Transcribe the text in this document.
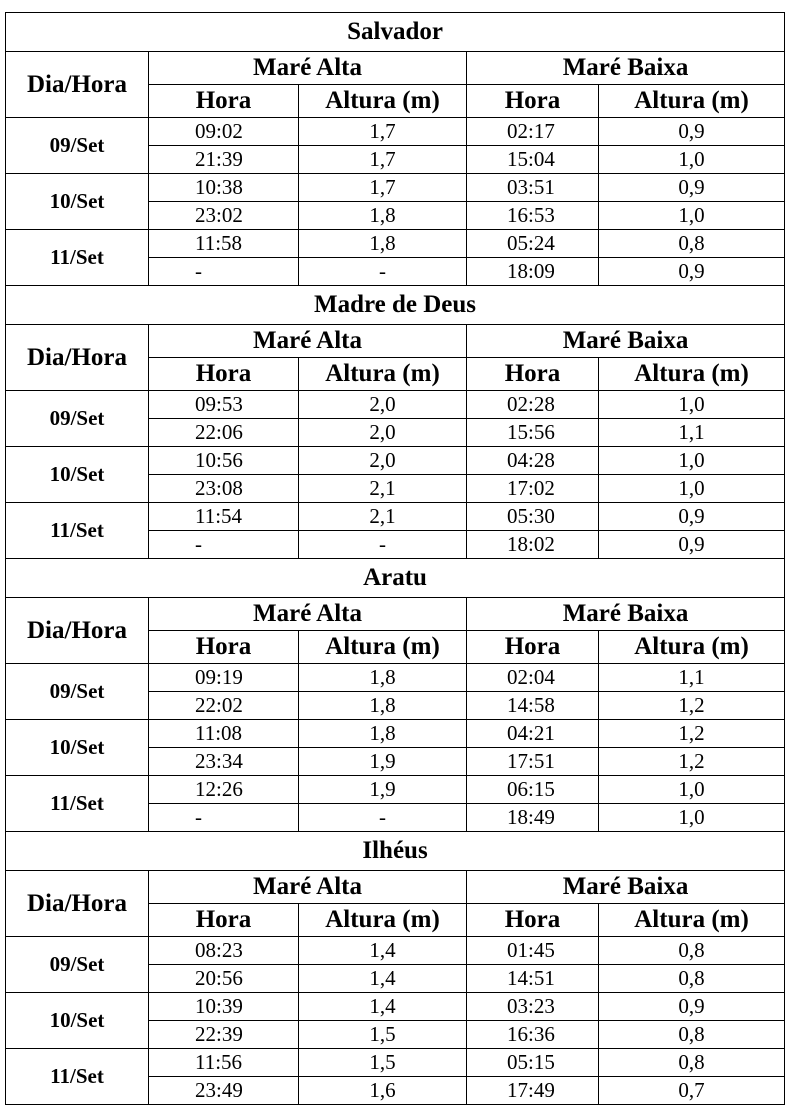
Salvador				
Dia/Hora	Maré Alta		Maré Baixa	
	Hora	Altura (m)	Hora	Altura (m)
09/Set	09:02	1,7	02:17	0,9
	21:39	1,7	15:04	1,0
10/Set	10:38	1,7	03:51	0,9
	23:02	1,8	16:53	1,0
11/Set	11:58	1,8	05:24	0,8
	-	-	18:09	0,9
Madre de Deus				
Dia/Hora	Maré Alta		Maré Baixa	
	Hora	Altura (m)	Hora	Altura (m)
09/Set	09:53	2,0	02:28	1,0
	22:06	2,0	15:56	1,1
10/Set	10:56	2,0	04:28	1,0
	23:08	2,1	17:02	1,0
11/Set	11:54	2,1	05:30	0,9
	-	-	18:02	0,9
Aratu				
Dia/Hora	Maré Alta		Maré Baixa	
	Hora	Altura (m)	Hora	Altura (m)
09/Set	09:19	1,8	02:04	1,1
	22:02	1,8	14:58	1,2
10/Set	11:08	1,8	04:21	1,2
	23:34	1,9	17:51	1,2
11/Set	12:26	1,9	06:15	1,0
	-	-	18:49	1,0
Ilhéus				
Dia/Hora	Maré Alta		Maré Baixa	
	Hora	Altura (m)	Hora	Altura (m)
09/Set	08:23	1,4	01:45	0,8
	20:56	1,4	14:51	0,8
10/Set	10:39	1,4	03:23	0,9
	22:39	1,5	16:36	0,8
11/Set	11:56	1,5	05:15	0,8
	23:49	1,6	17:49	0,7
